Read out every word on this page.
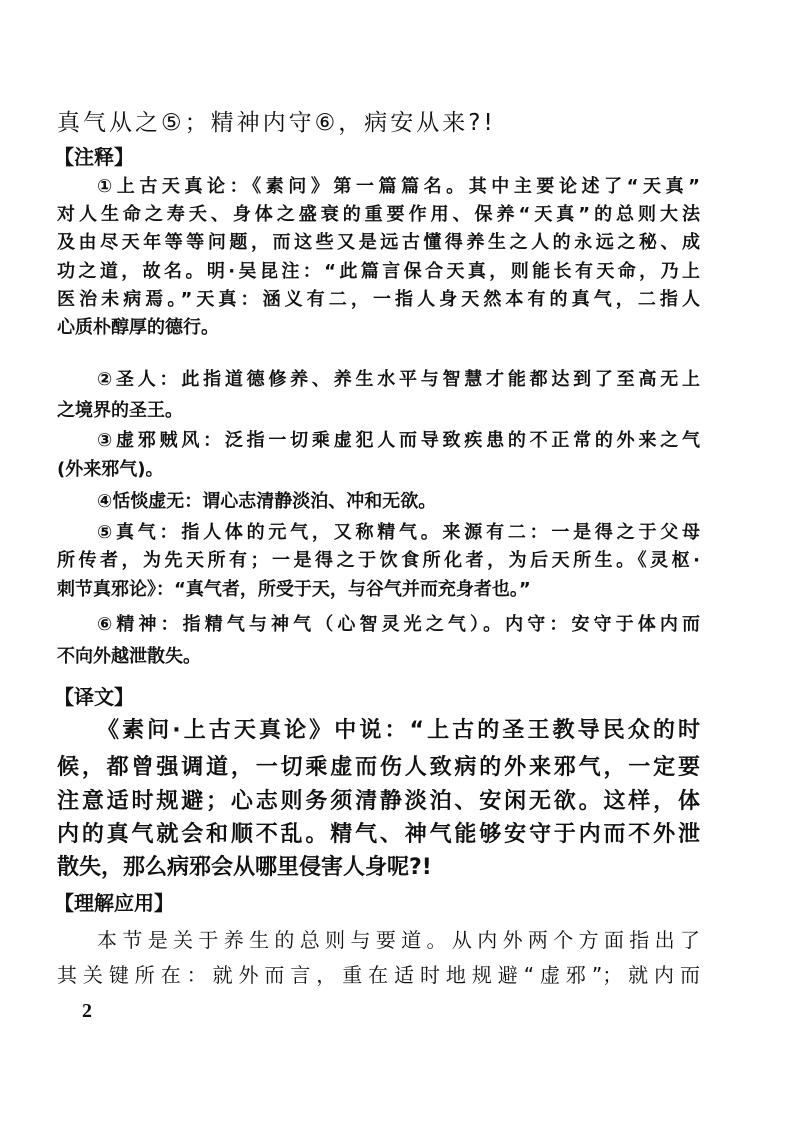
真气从之⑤；精神内守⑥，病安从来?!
【注释】
①上古天真论：《素问》第一篇篇名。其中主要论述了“天真”
对人生命之寿夭、身体之盛衰的重要作用、保养“天真”的总则大法
及由尽天年等等问题，而这些又是远古懂得养生之人的永远之秘、成
功之道，故名。明·吴昆注：“此篇言保合天真，则能长有天命，乃上
医治未病焉。”天真：涵义有二，一指人身天然本有的真气，二指人
心质朴醇厚的德行。
②圣人：此指道德修养、养生水平与智慧才能都达到了至高无上
之境界的圣王。
③虚邪贼风：泛指一切乘虚犯人而导致疾患的不正常的外来之气
(外来邪气)。
④恬惔虚无：谓心志清静淡泊、冲和无欲。
⑤真气：指人体的元气，又称精气。来源有二：一是得之于父母
所传者，为先天所有；一是得之于饮食所化者，为后天所生。《灵枢·
刺节真邪论》：“真气者，所受于天，与谷气并而充身者也。”
⑥精神：指精气与神气（心智灵光之气）。内守：安守于体内而
不向外越泄散失。
【译文】
《素问·上古天真论》中说：“上古的圣王教导民众的时
候，都曾强调道，一切乘虚而伤人致病的外来邪气，一定要
注意适时规避；心志则务须清静淡泊、安闲无欲。这样，体
内的真气就会和顺不乱。精气、神气能够安守于内而不外泄
散失，那么病邪会从哪里侵害人身呢?!
【理解应用】
本节是关于养生的总则与要道。从内外两个方面指出了
其关键所在：就外而言，重在适时地规避“虚邪”；就内而
2
